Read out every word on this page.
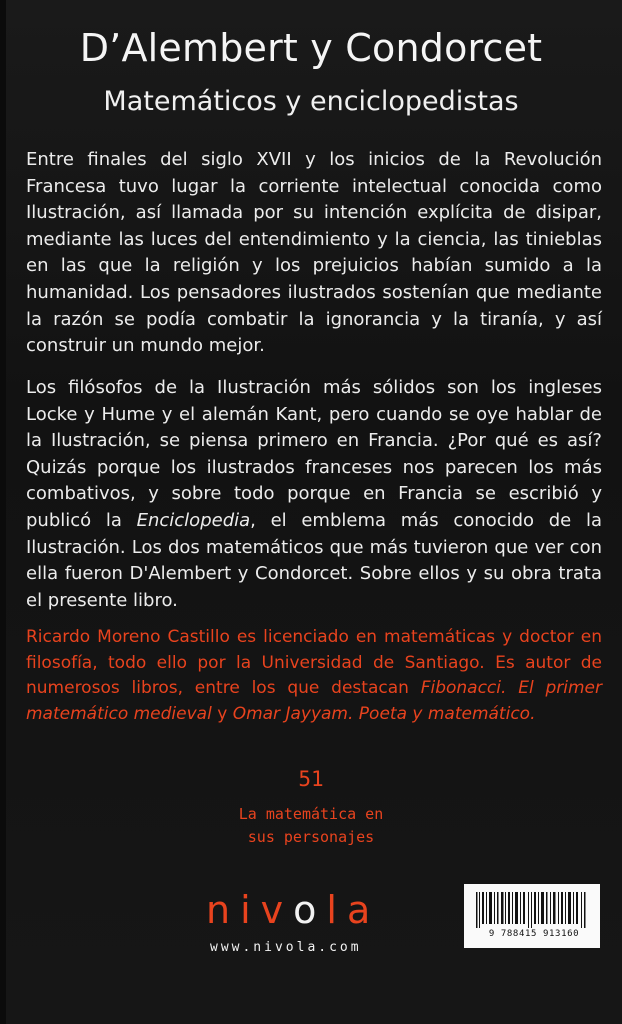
D’Alembert y Condorcet
Matemáticos y enciclopedistas
Entre finales del siglo XVII y los inicios de la Revolución Francesa tuvo lugar la corriente intelectual conocida como Ilustración, así llamada por su intención explícita de disipar, mediante las luces del entendimiento y la ciencia, las tinieblas en las que la religión y los prejuicios habían sumido a la humanidad. Los pensadores ilustrados sostenían que mediante la razón se podía combatir la ignorancia y la tiranía, y así construir un mundo mejor.
Los filósofos de la Ilustración más sólidos son los ingleses Locke y Hume y el alemán Kant, pero cuando se oye hablar de la Ilustración, se piensa primero en Francia. ¿Por qué es así? Quizás porque los ilustrados franceses nos parecen los más combativos, y sobre todo porque en Francia se escribió y publicó la Enciclopedia, el emblema más conocido de la Ilustración. Los dos matemáticos que más tuvieron que ver con ella fueron D'Alembert y Condorcet. Sobre ellos y su obra trata el presente libro.
Ricardo Moreno Castillo es licenciado en matemáticas y doctor en filosofía, todo ello por la Universidad de Santiago. Es autor de numerosos libros, entre los que destacan Fibonacci. El primer matemático medieval y Omar Jayyam. Poeta y matemático.
51
La matemática en
sus personajes
nivola
www.nivola.com
9 788415 913160
